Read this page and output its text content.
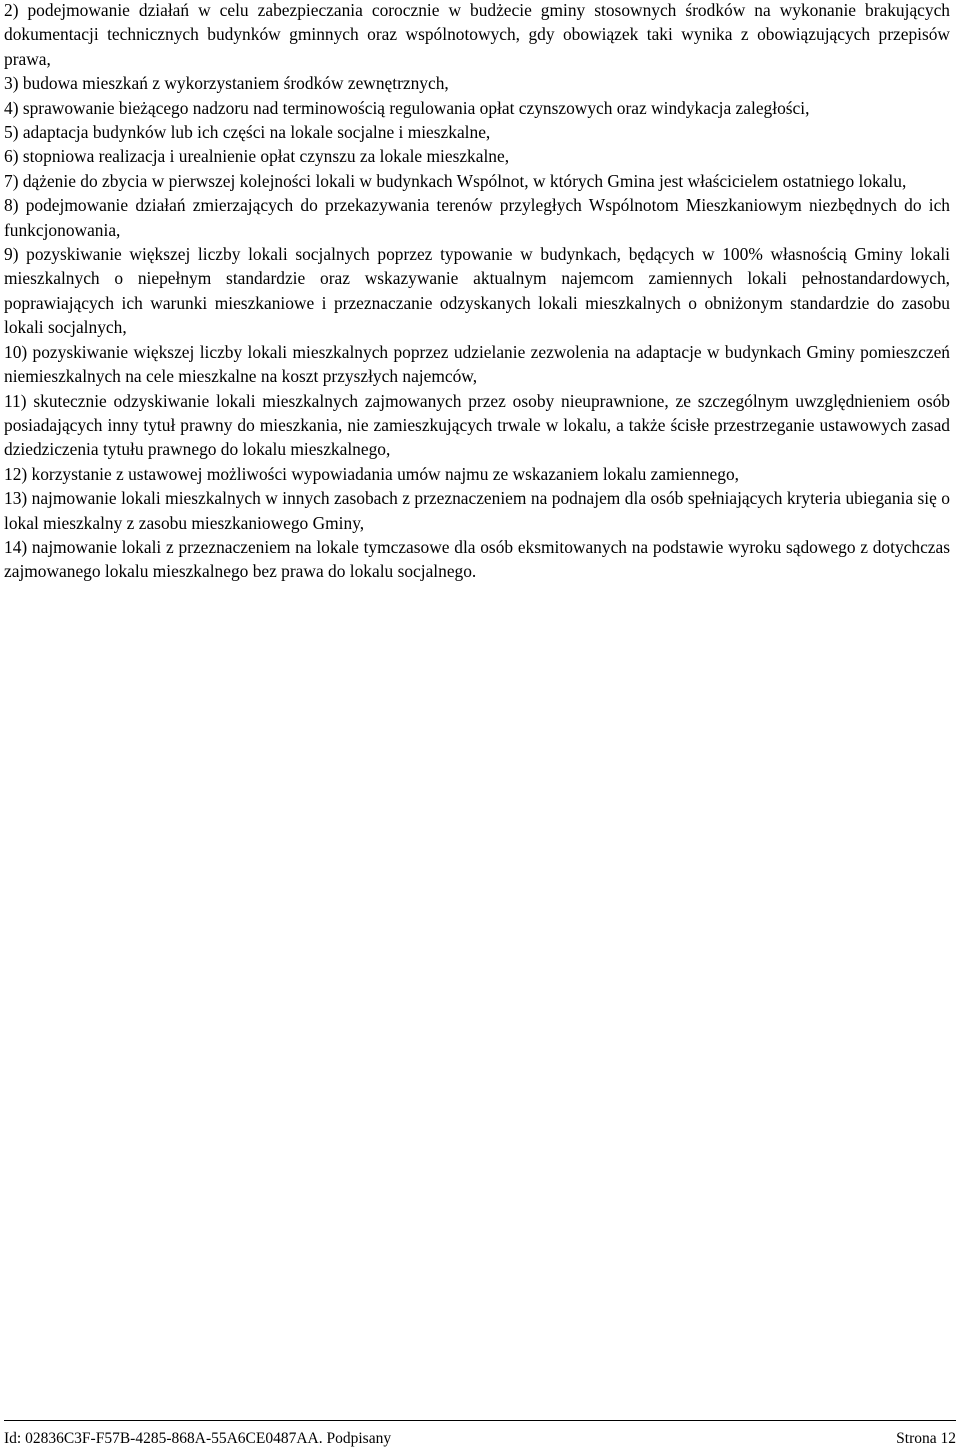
2) podejmowanie działań w celu zabezpieczania corocznie w budżecie gminy stosownych środków na wykonanie brakujących dokumentacji technicznych budynków gminnych oraz wspólnotowych, gdy obowiązek taki wynika z obowiązujących przepisów prawa,

3) budowa mieszkań z wykorzystaniem środków zewnętrznych,

4) sprawowanie bieżącego nadzoru nad terminowością regulowania opłat czynszowych oraz windykacja zaległości,

5) adaptacja budynków lub ich części na lokale socjalne i mieszkalne,

6) stopniowa realizacja i urealnienie opłat czynszu za lokale mieszkalne,

7) dążenie do zbycia w pierwszej kolejności lokali w budynkach Wspólnot, w których Gmina jest właścicielem ostatniego lokalu,

8) podejmowanie działań zmierzających do przekazywania terenów przyległych Wspólnotom Mieszkaniowym niezbędnych do ich funkcjonowania,

9) pozyskiwanie większej liczby lokali socjalnych poprzez typowanie w budynkach, będących w 100% własnością Gminy lokali mieszkalnych o niepełnym standardzie oraz wskazywanie aktualnym najemcom zamiennych lokali pełnostandardowych, poprawiających ich warunki mieszkaniowe i przeznaczanie odzyskanych lokali mieszkalnych o obniżonym standardzie do zasobu lokali socjalnych,

10) pozyskiwanie większej liczby lokali mieszkalnych poprzez udzielanie zezwolenia na adaptacje w budynkach Gminy pomieszczeń niemieszkalnych na cele mieszkalne na koszt przyszłych najemców,

11) skutecznie odzyskiwanie lokali mieszkalnych zajmowanych przez osoby nieuprawnione, ze szczególnym uwzględnieniem osób posiadających inny tytuł prawny do mieszkania, nie zamieszkujących trwale w lokalu, a także ścisłe przestrzeganie ustawowych zasad dziedziczenia tytułu prawnego do lokalu mieszkalnego,

12) korzystanie z ustawowej możliwości wypowiadania umów najmu ze wskazaniem lokalu zamiennego,

13) najmowanie lokali mieszkalnych w innych zasobach z przeznaczeniem na podnajem dla osób spełniających kryteria ubiegania się o lokal mieszkalny z zasobu mieszkaniowego Gminy,

14) najmowanie lokali z przeznaczeniem na lokale tymczasowe dla osób eksmitowanych na podstawie wyroku sądowego z dotychczas zajmowanego lokalu mieszkalnego bez prawa do lokalu socjalnego.

Id: 02836C3F-F57B-4285-868A-55A6CE0487AA. Podpisany	Strona 12
